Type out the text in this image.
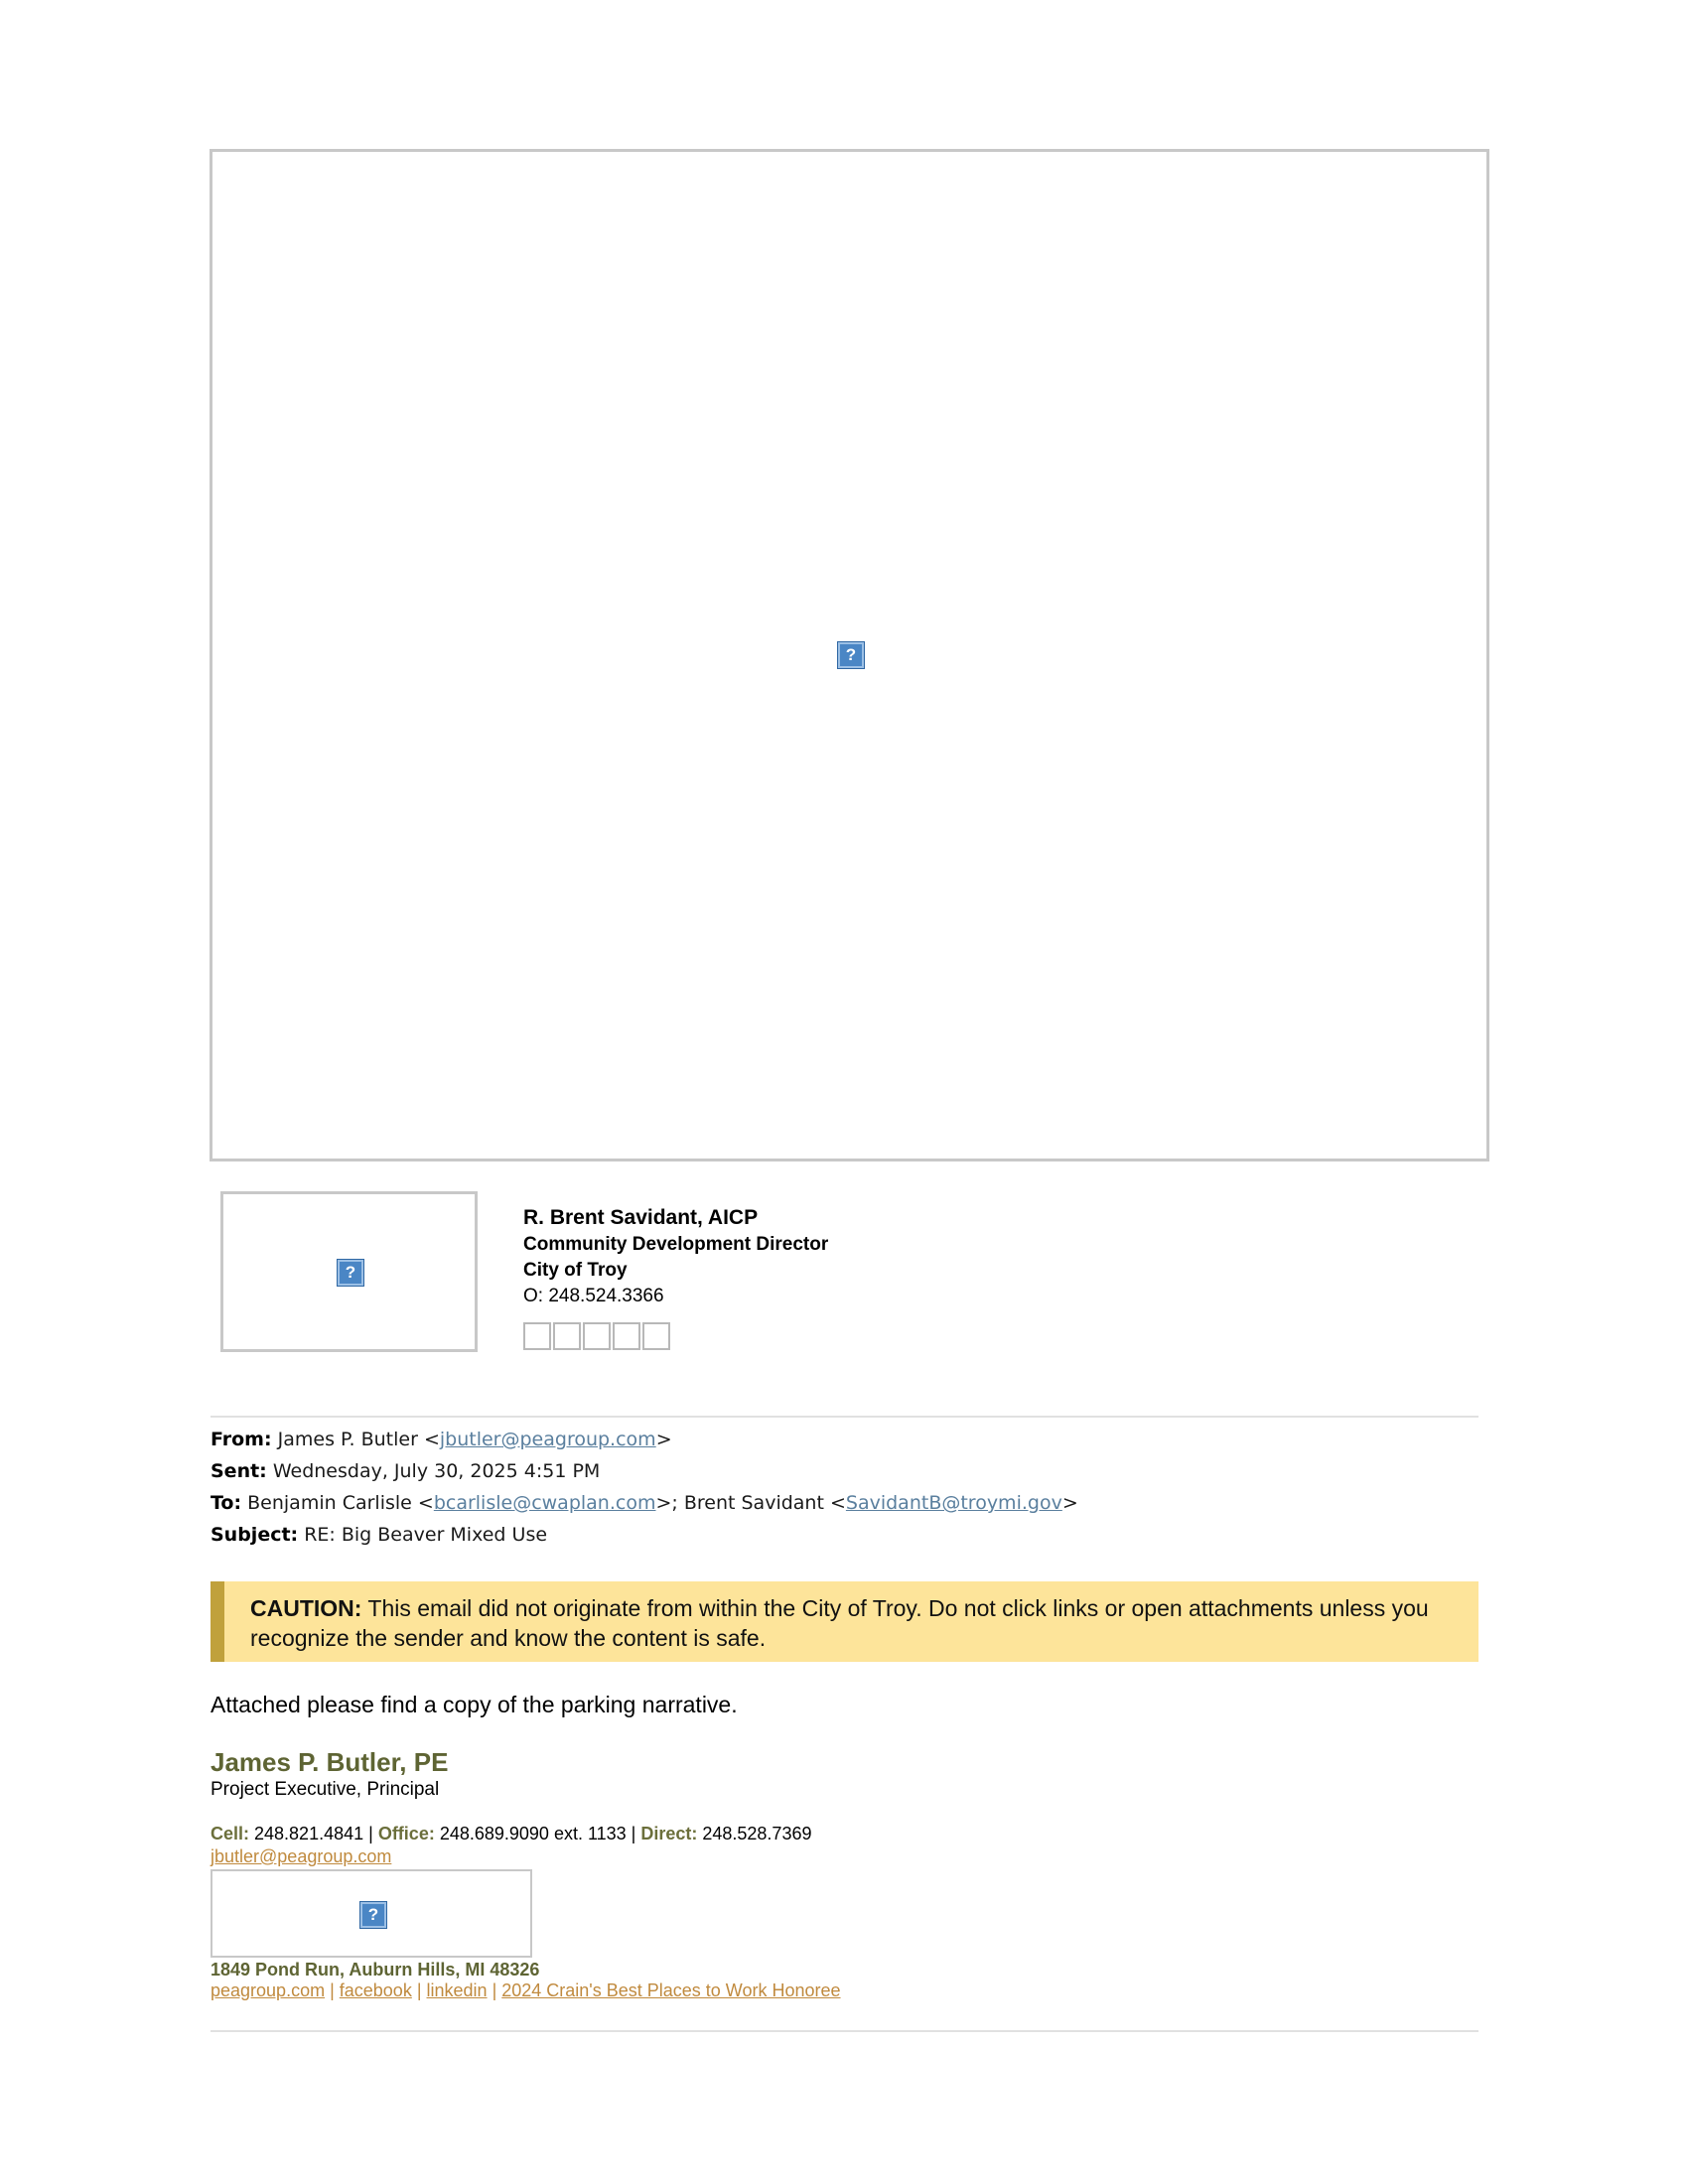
?
?
R. Brent Savidant, AICP
Community Development Director
City of Troy
O: 248.524.3366
From: James P. Butler <jbutler@peagroup.com>
Sent: Wednesday, July 30, 2025 4:51 PM
To: Benjamin Carlisle <bcarlisle@cwaplan.com>; Brent Savidant <SavidantB@troymi.gov>
Subject: RE: Big Beaver Mixed Use
CAUTION: This email did not originate from within the City of Troy. Do not click links or open attachments unless you recognize the sender and know the content is safe.
Attached please find a copy of the parking narrative.
James P. Butler, PE
Project Executive, Principal
Cell: 248.821.4841 | Office: 248.689.9090 ext. 1133 | Direct: 248.528.7369
jbutler@peagroup.com
?
1849 Pond Run, Auburn Hills, MI 48326
peagroup.com | facebook | linkedin | 2024 Crain's Best Places to Work Honoree
